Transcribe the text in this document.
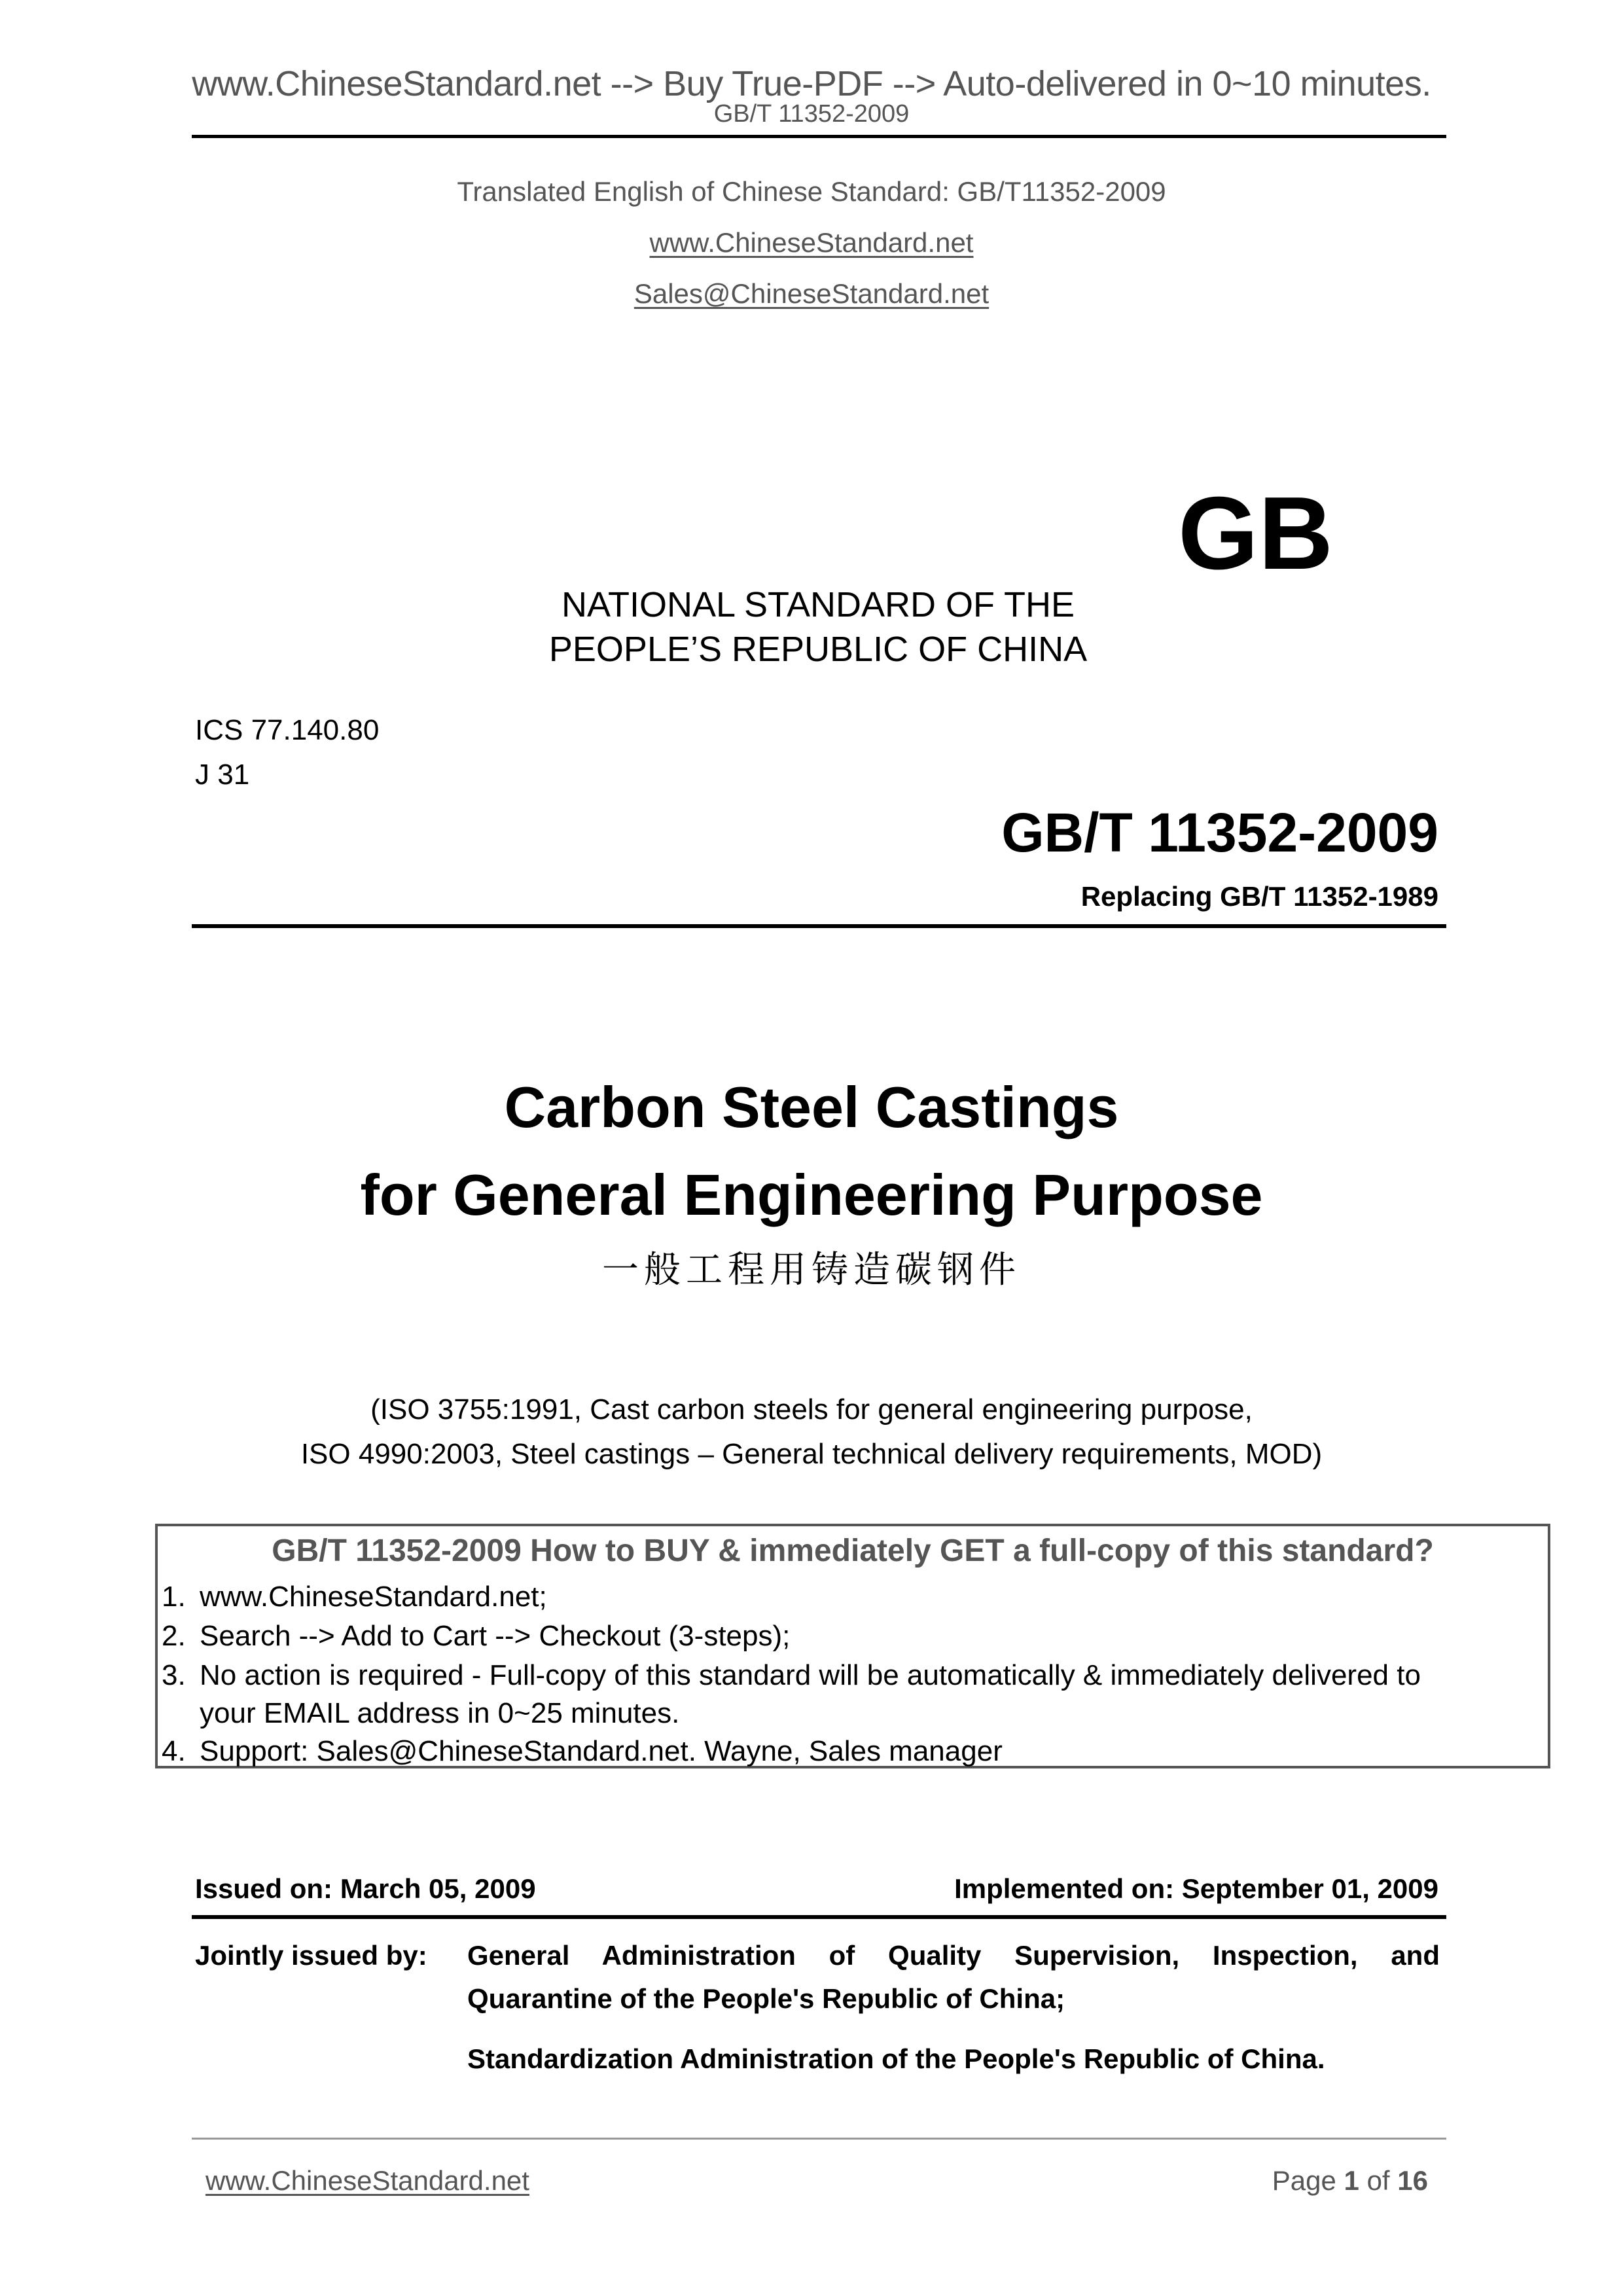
www.ChineseStandard.net --> Buy True-PDF --> Auto-delivered in 0~10 minutes.
GB/T 11352-2009
Translated English of Chinese Standard: GB/T11352-2009
www.ChineseStandard.net
Sales@ChineseStandard.net
GB
NATIONAL STANDARD OF THE
PEOPLE’S REPUBLIC OF CHINA
ICS 77.140.80
J 31
GB/T 11352-2009
Replacing GB/T 11352-1989
Carbon Steel Castings
for General Engineering Purpose
一般工程用铸造碳钢件
(ISO 3755:1991, Cast carbon steels for general engineering purpose,
ISO 4990:2003, Steel castings – General technical delivery requirements, MOD)
GB/T 11352-2009 How to BUY & immediately GET a full-copy of this standard?
1. www.ChineseStandard.net;
2. Search --> Add to Cart --> Checkout (3-steps);
3. No action is required - Full-copy of this standard will be automatically & immediately delivered to
your EMAIL address in 0~25 minutes.
4. Support: Sales@ChineseStandard.net. Wayne, Sales manager
Issued on: March 05, 2009	Implemented on: September 01, 2009
Jointly issued by: General Administration of Quality Supervision, Inspection, and
Quarantine of the People's Republic of China;
Standardization Administration of the People's Republic of China.
www.ChineseStandard.net	Page 1 of 16
